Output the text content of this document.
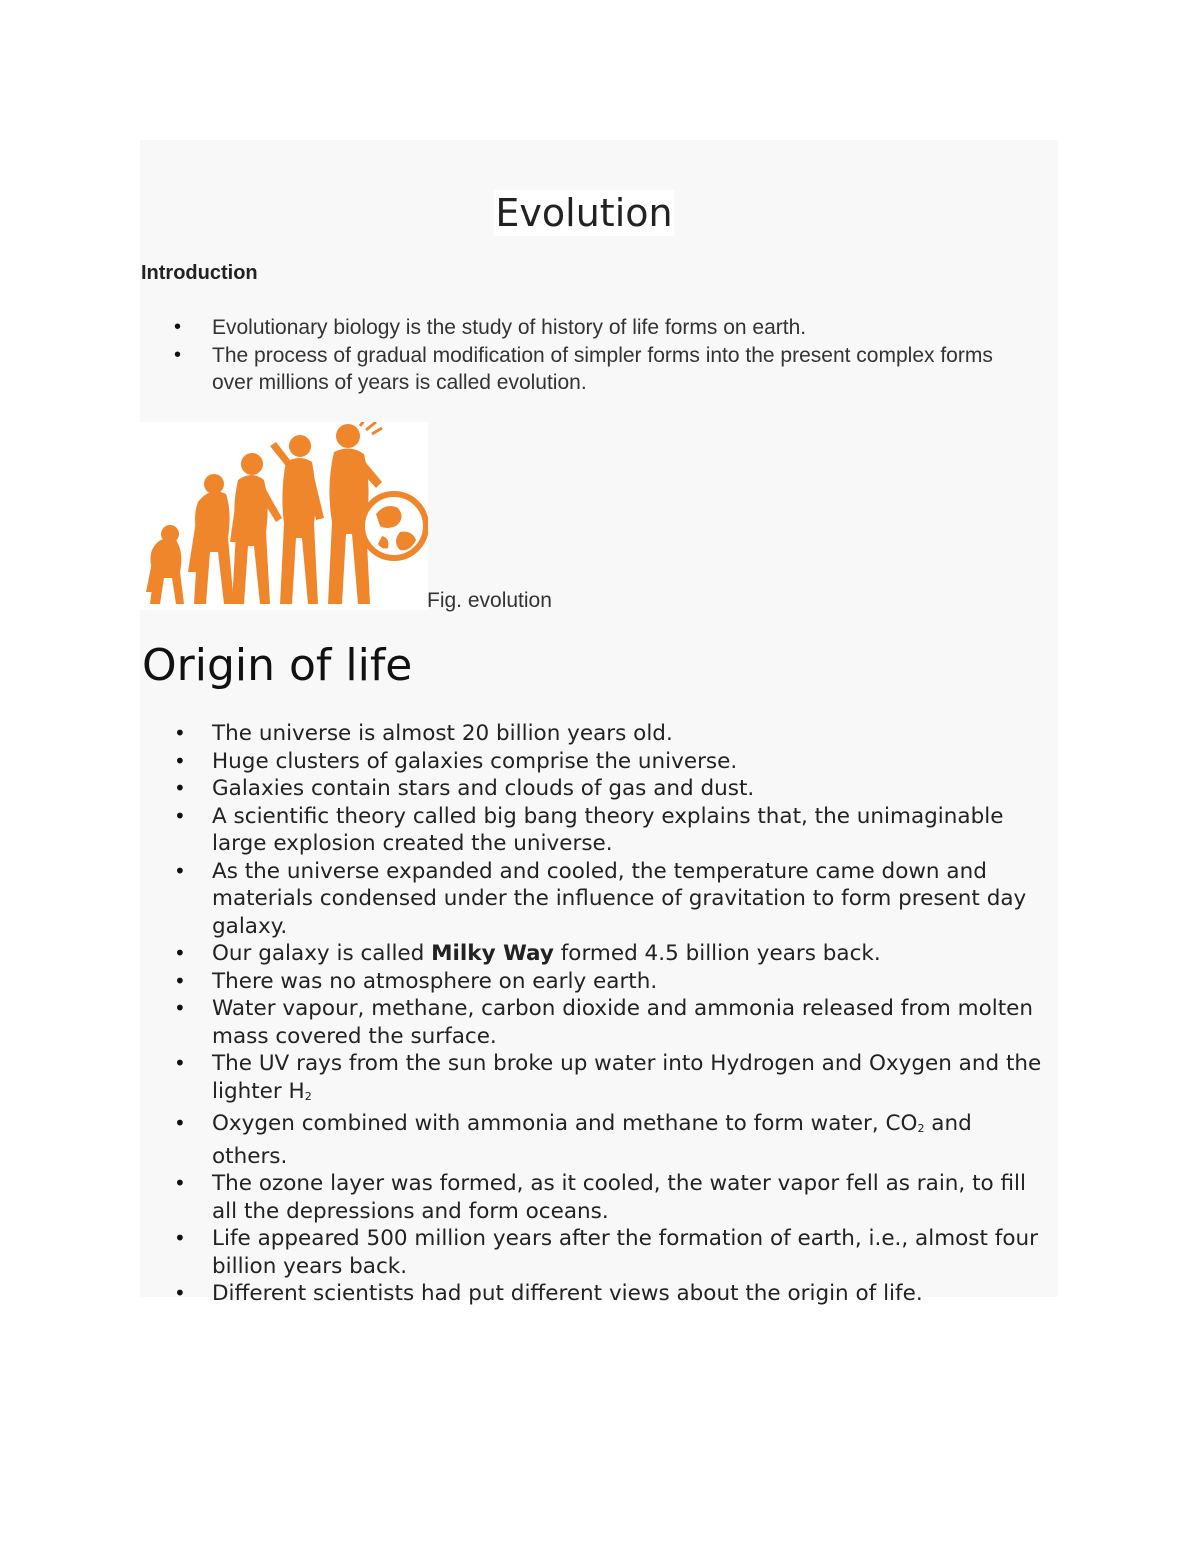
Evolution
Introduction
• Evolutionary biology is the study of history of life forms on earth.
• The process of gradual modification of simpler forms into the present complex forms over millions of years is called evolution.
Fig. evolution
Origin of life
• The universe is almost 20 billion years old.
• Huge clusters of galaxies comprise the universe.
• Galaxies contain stars and clouds of gas and dust.
• A scientific theory called big bang theory explains that, the unimaginable large explosion created the universe.
• As the universe expanded and cooled, the temperature came down and materials condensed under the influence of gravitation to form present day galaxy.
• Our galaxy is called Milky Way formed 4.5 billion years back.
• There was no atmosphere on early earth.
• Water vapour, methane, carbon dioxide and ammonia released from molten mass covered the surface.
• The UV rays from the sun broke up water into Hydrogen and Oxygen and the lighter H2
• Oxygen combined with ammonia and methane to form water, CO2 and others.
• The ozone layer was formed, as it cooled, the water vapor fell as rain, to fill all the depressions and form oceans.
• Life appeared 500 million years after the formation of earth, i.e., almost four billion years back.
• Different scientists had put different views about the origin of life.
